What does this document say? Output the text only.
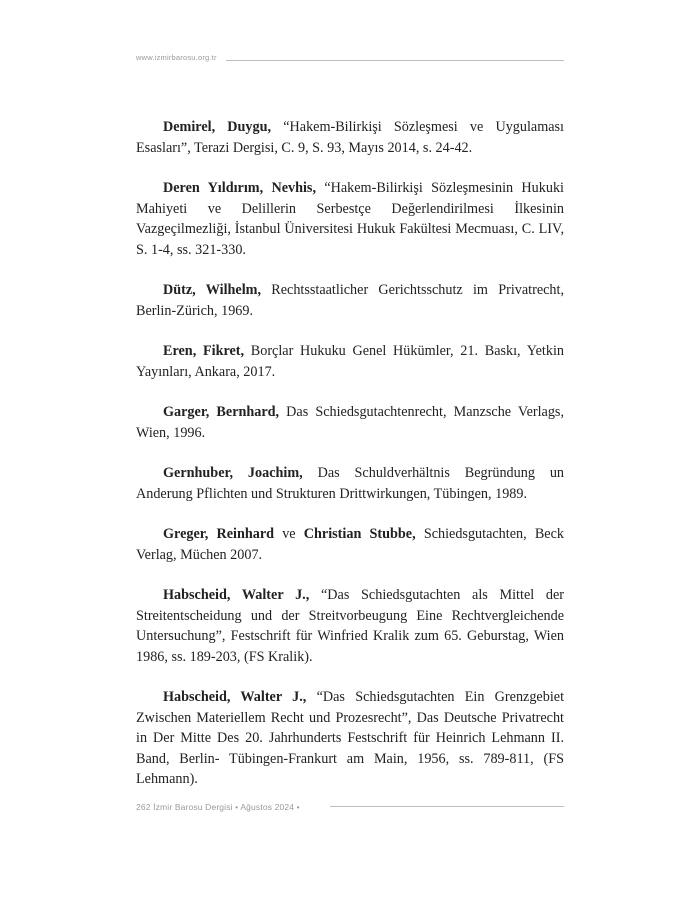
www.izmirbarosu.org.tr

Demirel, Duygu, “Hakem-Bilirkişi Sözleşmesi ve Uygulaması Esasları”, Terazi Dergisi, C. 9, S. 93, Mayıs 2014, s. 24-42.

Deren Yıldırım, Nevhis, “Hakem-Bilirkişi Sözleşmesinin Hukuki Mahiyeti ve Delillerin Serbestçe Değerlendirilmesi İlkesinin Vazgeçilmezliği, İstanbul Üniversitesi Hukuk Fakültesi Mecmuası, C. LIV, S. 1-4, ss. 321-330.

Dütz, Wilhelm, Rechtsstaatlicher Gerichtsschutz im Privatrecht, Berlin-Zürich, 1969.

Eren, Fikret, Borçlar Hukuku Genel Hükümler, 21. Baskı, Yetkin Yayınları, Ankara, 2017.

Garger, Bernhard, Das Schiedsgutachtenrecht, Manzsche Verlags, Wien, 1996.

Gernhuber, Joachim, Das Schuldverhältnis Begründung un Anderung Pflichten und Strukturen Drittwirkungen, Tübingen, 1989.

Greger, Reinhard ve Christian Stubbe, Schiedsgutachten, Beck Verlag, Müchen 2007.

Habscheid, Walter J., “Das Schiedsgutachten als Mittel der Streitentscheidung und der Streitvorbeugung Eine Rechtvergleichende Untersuchung”, Festschrift für Winfried Kralik zum 65. Geburstag, Wien 1986, ss. 189-203, (FS Kralik).

Habscheid, Walter J., “Das Schiedsgutachten Ein Grenzgebiet Zwischen Materiellem Recht und Prozesrecht”, Das Deutsche Privatrecht in Der Mitte Des 20. Jahrhunderts Festschrift für Heinrich Lehmann II. Band, Berlin- Tübingen-Frankurt am Main, 1956, ss. 789-811, (FS Lehmann).

262 İzmir Barosu Dergisi • Ağustos 2024 •
